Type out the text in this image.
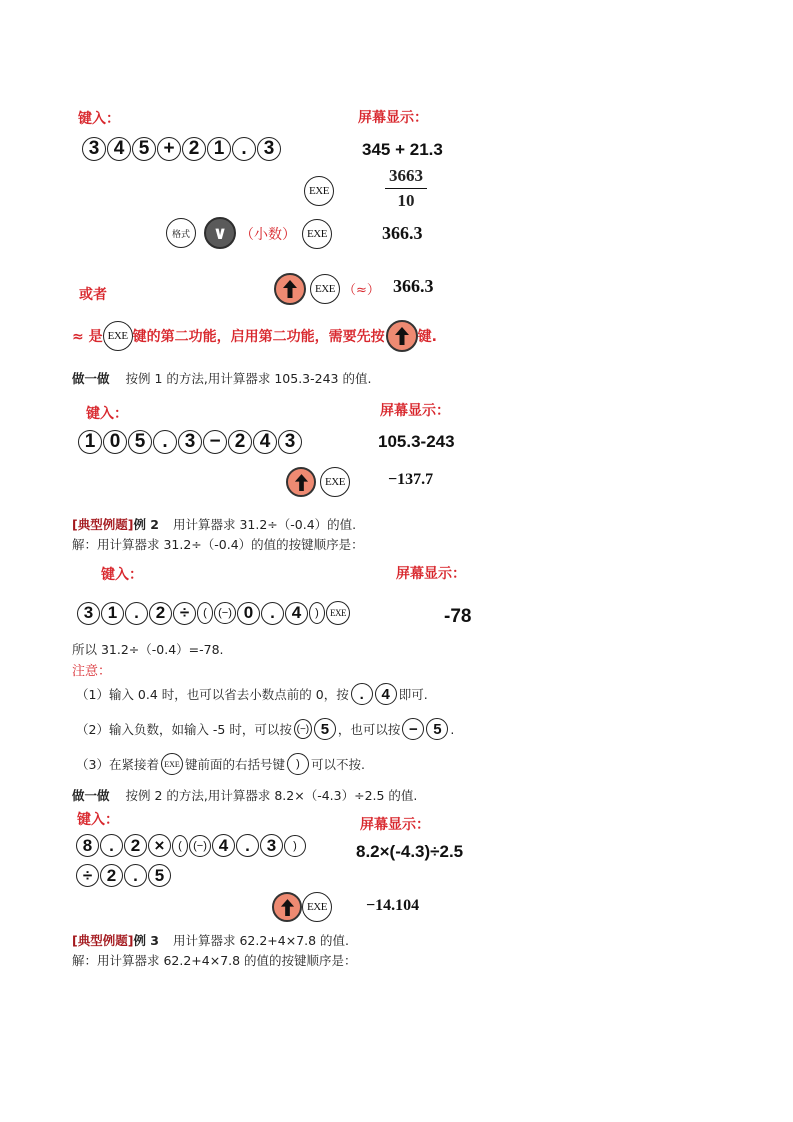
键入：	屏幕显示：
3 4 5 + 2 1 . 3	345 + 21.3
EXE
3663
10
格式	∨ （小数）	EXE	366.3
或者	EXE （≈） 366.3
≈ 是 EXE 键的第二功能，启用第二功能，需要先按 键.
做一做 按例 1 的方法,用计算器求 105.3-243 的值.
键入：	屏幕显示：
1 0 5 . 3 − 2 4 3	105.3-243
EXE	−137.7
[典型例题]例 2 用计算器求 31.2÷（-0.4）的值.
解：用计算器求 31.2÷（-0.4）的值的按键顺序是：
键入：	屏幕显示：
3 1 . 2 ÷	(	(−) 0 . 4	)	EXE	-78
所以 31.2÷（-0.4）=-78.
注意：
（1）输入 0.4 时，也可以省去小数点前的 0，按 .	4 即可.
（2）输入负数，如输入 -5 时，可以按 (−) 5 ，也可以按 −	5 .
（3）在紧接着 EXE 键前面的右括号键	) 可以不按.
做一做 按例 2 的方法,用计算器求 8.2×（-4.3）÷2.5 的值.
键入：	屏幕显示：
8 . 2 ×	(	(−) 4 . 3	)	8.2×(-4.3)÷2.5
÷ 2 . 5
EXE	−14.104
[典型例题]例 3 用计算器求 62.2+4×7.8 的值.
解：用计算器求 62.2+4×7.8 的值的按键顺序是：
